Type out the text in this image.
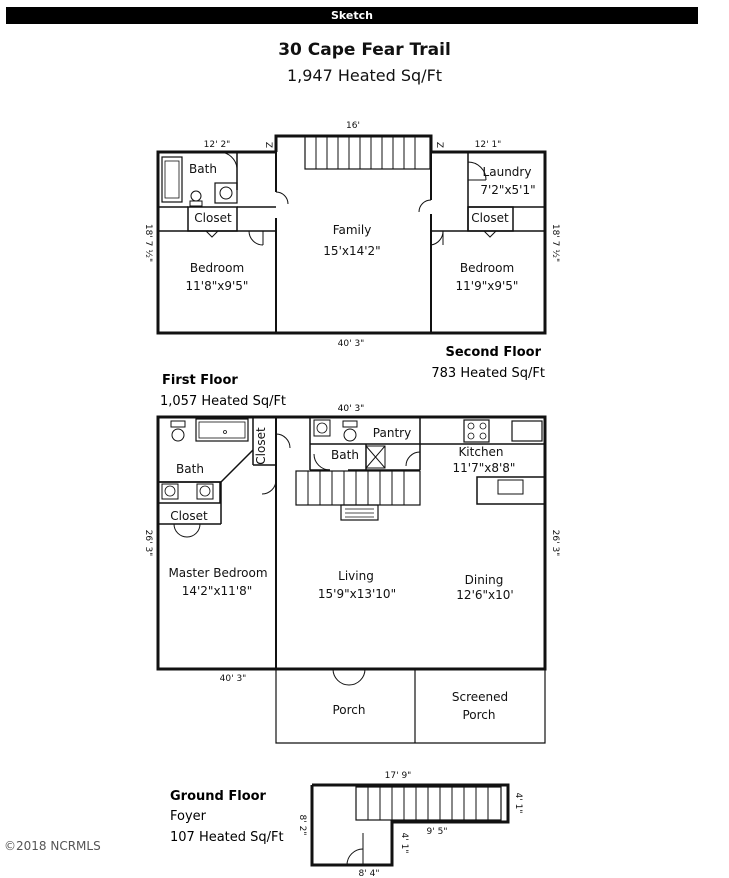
Sketch
30 Cape Fear Trail
1,947 Heated Sq/Ft
Bath
Closet
Family
15'x14'2"
Laundry
7'2"x5'1"
Closet
Bedroom
11'8"x9'5"
Bedroom
11'9"x9'5"
12' 2"
16'
12' 1"
40' 3"
18' 7 ½"	18' 7 ½"
Z	Z
Second Floor
783 Heated Sq/Ft
First Floor
1,057 Heated Sq/Ft	40' 3"
Closet
Bath
Closet
Bath
Pantry
Kitchen
11'7"x8'8"
Master Bedroom
14'2"x11'8"
Living
15'9"x13'10"
Dining
12'6"x10'
Porch
Screened
Porch
26' 3"	26' 3"
40' 3"
Ground Floor
Foyer
107 Heated Sq/Ft
17' 9"
8' 2"
4' 1"
4' 1"
9' 5"
8' 4"
©2018 NCRMLS
